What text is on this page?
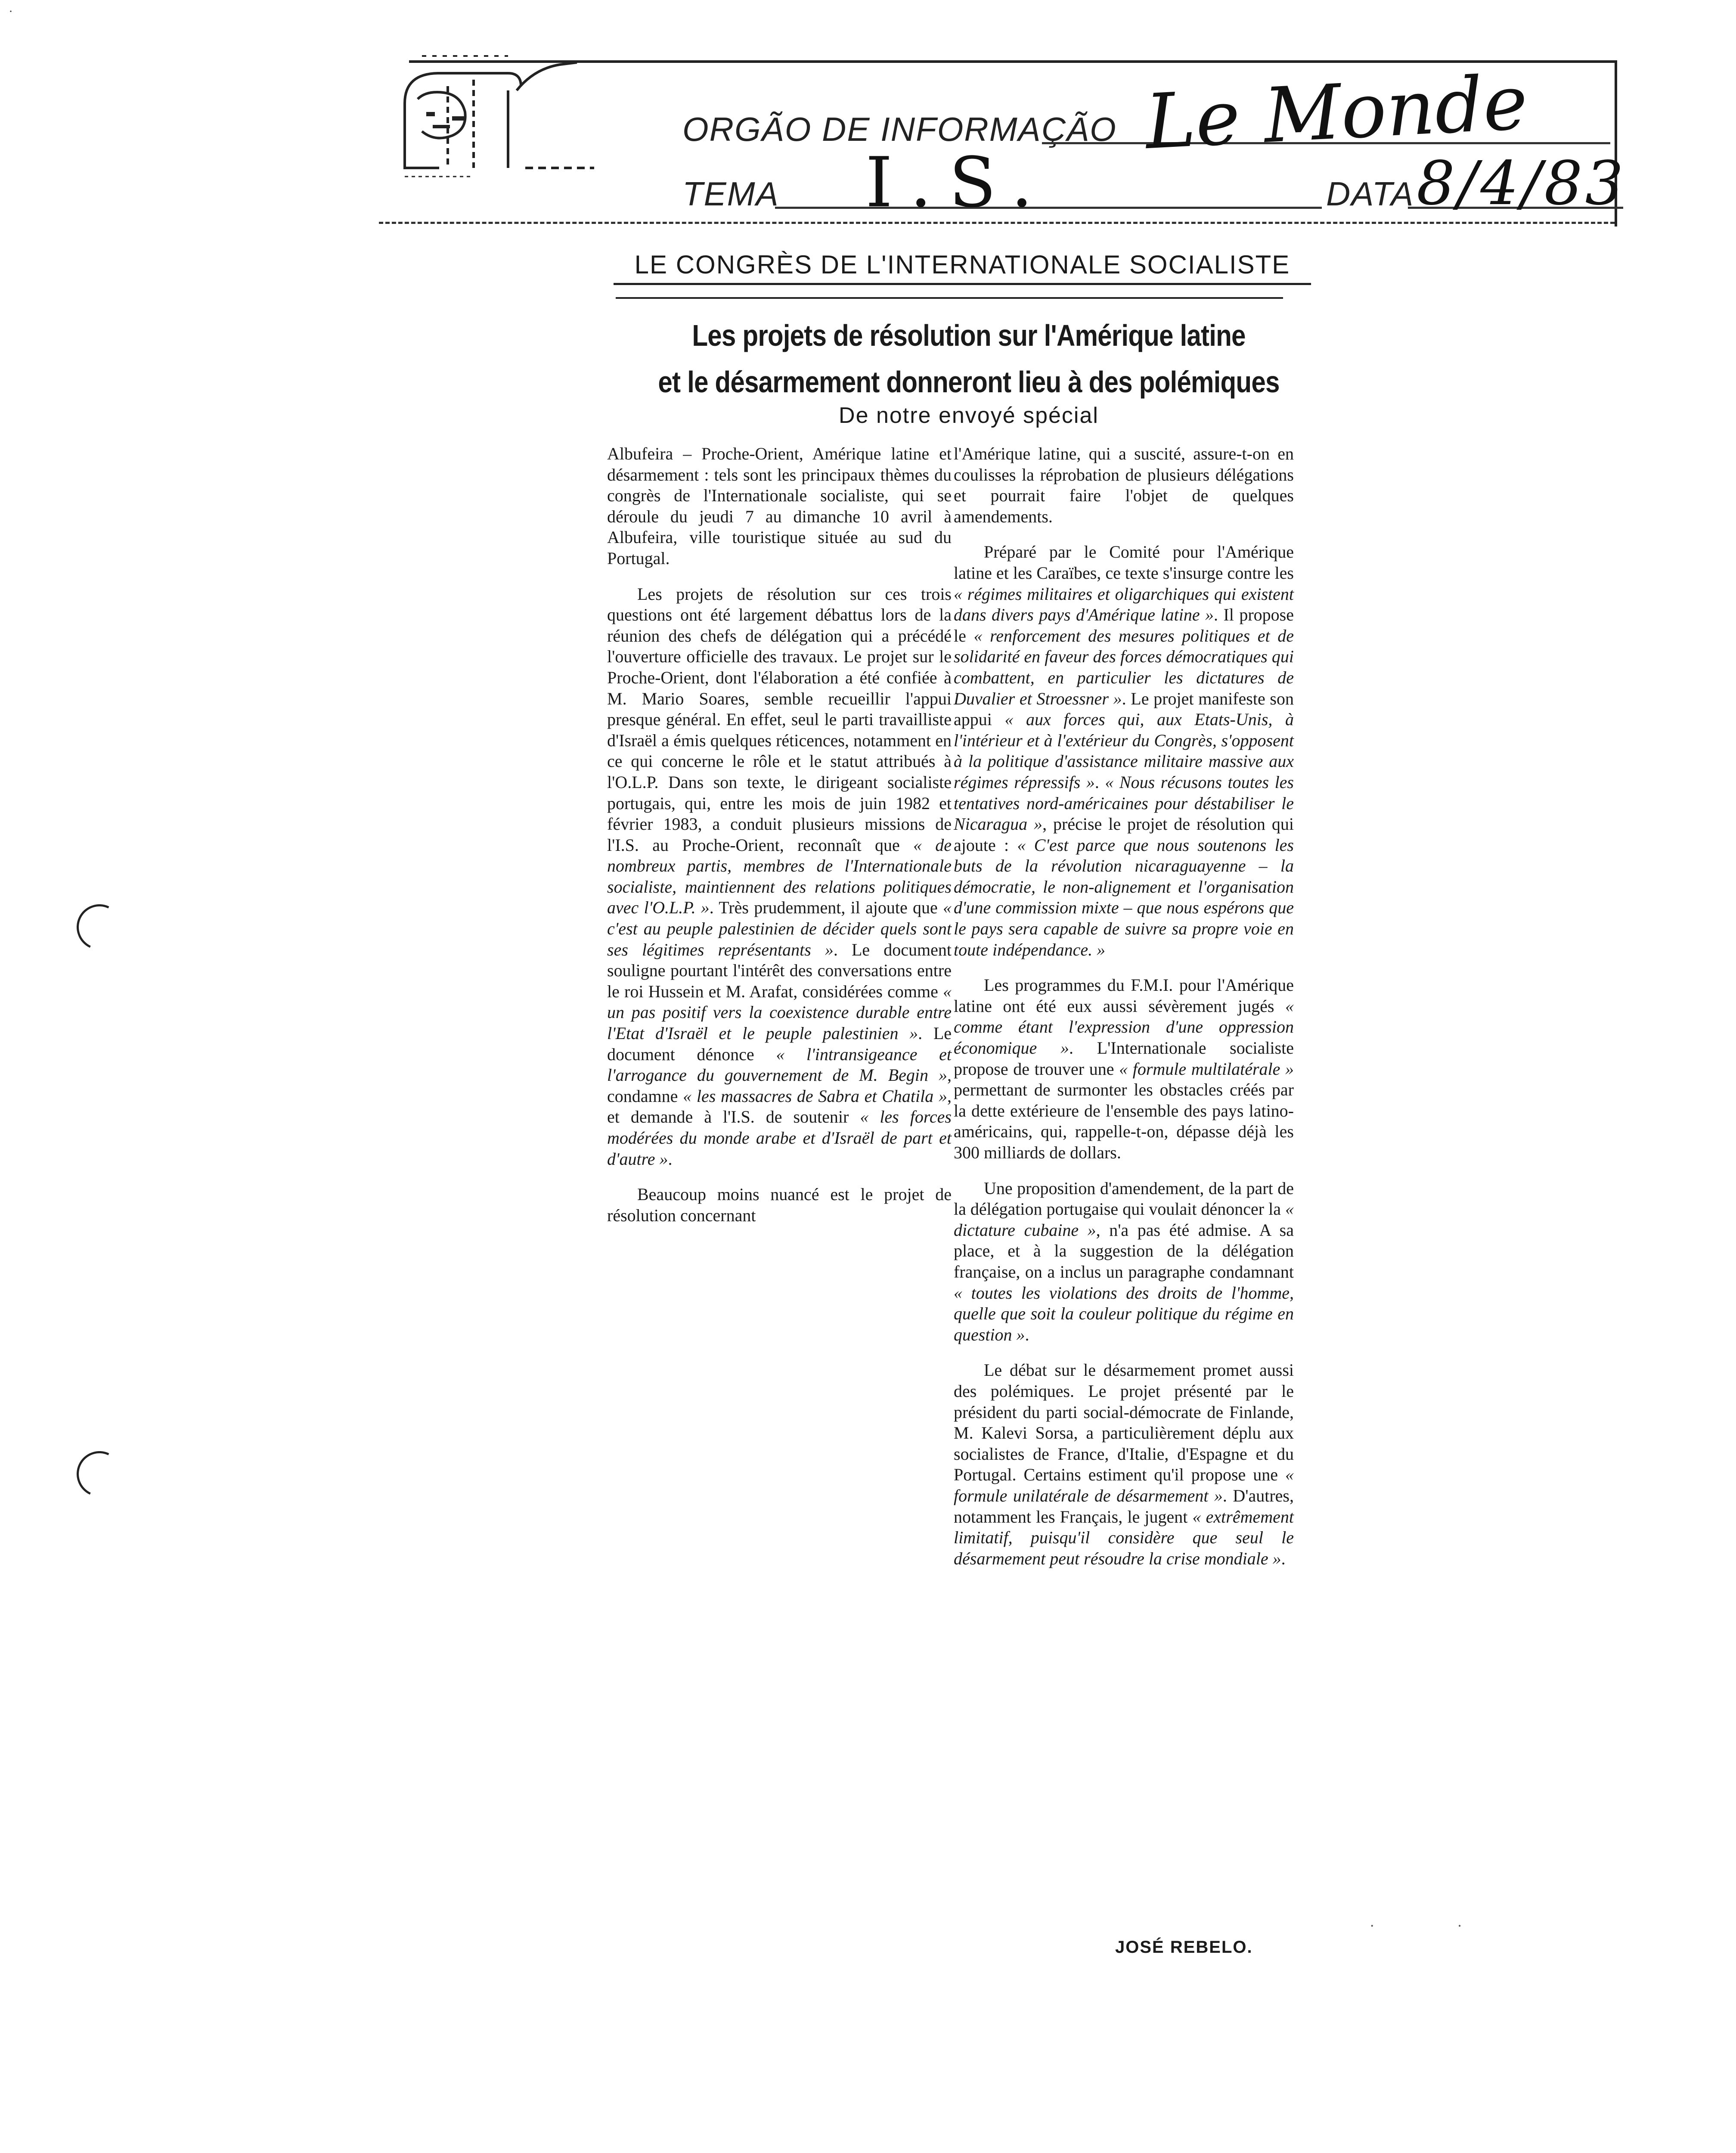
·
ORGÃO DE INFORMAÇÃO Le Monde
TEMA I.S.	DATA 8/4/83
LE CONGRÈS DE L'INTERNATIONALE SOCIALISTE
Les projets de résolution sur l'Amérique latine
et le désarmement donneront lieu à des polémiques
De notre envoyé spécial

Albufeira – Proche-Orient, Amérique latine et désarmement : tels sont les principaux thèmes du congrès de l'Internationale socialiste, qui se déroule du jeudi 7 au dimanche 10 avril à Albufeira, ville touristique située au sud du Portugal.

Les projets de résolution sur ces trois questions ont été largement débattus lors de la réunion des chefs de délégation qui a précédé l'ouverture officielle des travaux. Le projet sur le Proche-Orient, dont l'élaboration a été confiée à M. Mario Soares, semble recueillir l'appui presque général. En effet, seul le parti travailliste d'Israël a émis quelques réticences, notamment en ce qui concerne le rôle et le statut attribués à l'O.L.P. Dans son texte, le dirigeant socialiste portugais, qui, entre les mois de juin 1982 et février 1983, a conduit plusieurs missions de l'I.S. au Proche-Orient, reconnaît que « de nombreux partis, membres de l'Internationale socialiste, maintiennent des relations politiques avec l'O.L.P. ». Très prudemment, il ajoute que « c'est au peuple palestinien de décider quels sont ses légitimes représentants ». Le document souligne pourtant l'intérêt des conversations entre le roi Hussein et M. Arafat, considérées comme « un pas positif vers la coexistence durable entre l'Etat d'Israël et le peuple palestinien ». Le document dénonce « l'intransigeance et l'arrogance du gouvernement de M. Begin », condamne « les massacres de Sabra et Chatila », et demande à l'I.S. de soutenir « les forces modérées du monde arabe et d'Israël de part et d'autre ».

Beaucoup moins nuancé est le projet de résolution concernant

l'Amérique latine, qui a suscité, assure-t-on en coulisses la réprobation de plusieurs délégations et pourrait faire l'objet de quelques amendements.

Préparé par le Comité pour l'Amérique latine et les Caraïbes, ce texte s'insurge contre les « régimes militaires et oligarchiques qui existent dans divers pays d'Amérique latine ». Il propose le « renforcement des mesures politiques et de solidarité en faveur des forces démocratiques qui combattent, en particulier les dictatures de Duvalier et Stroessner ». Le projet manifeste son appui « aux forces qui, aux Etats-Unis, à l'intérieur et à l'extérieur du Congrès, s'opposent à la politique d'assistance militaire massive aux régimes répressifs ». « Nous récusons toutes les tentatives nord-américaines pour déstabiliser le Nicaragua », précise le projet de résolution qui ajoute : « C'est parce que nous soutenons les buts de la révolution nicaraguayenne – la démocratie, le non-alignement et l'organisation d'une commission mixte – que nous espérons que le pays sera capable de suivre sa propre voie en toute indépendance. »

Les programmes du F.M.I. pour l'Amérique latine ont été eux aussi sévèrement jugés « comme étant l'expression d'une oppression économique ». L'Internationale socialiste propose de trouver une « formule multilatérale » permettant de surmonter les obstacles créés par la dette extérieure de l'ensemble des pays latino-américains, qui, rappelle-t-on, dépasse déjà les 300 milliards de dollars.

Une proposition d'amendement, de la part de la délégation portugaise qui voulait dénoncer la « dictature cubaine », n'a pas été admise. A sa place, et à la suggestion de la délégation française, on a inclus un paragraphe condamnant « toutes les violations des droits de l'homme, quelle que soit la couleur politique du régime en question ».

Le débat sur le désarmement promet aussi des polémiques. Le projet présenté par le président du parti social-démocrate de Finlande, M. Kalevi Sorsa, a particulièrement déplu aux socialistes de France, d'Italie, d'Espagne et du Portugal. Certains estiment qu'il propose une « formule unilatérale de désarmement ». D'autres, notamment les Français, le jugent « extrêmement limitatif, puisqu'il considère que seul le désarmement peut résoudre la crise mondiale ».

˙ ˙
JOSÉ REBELO.
